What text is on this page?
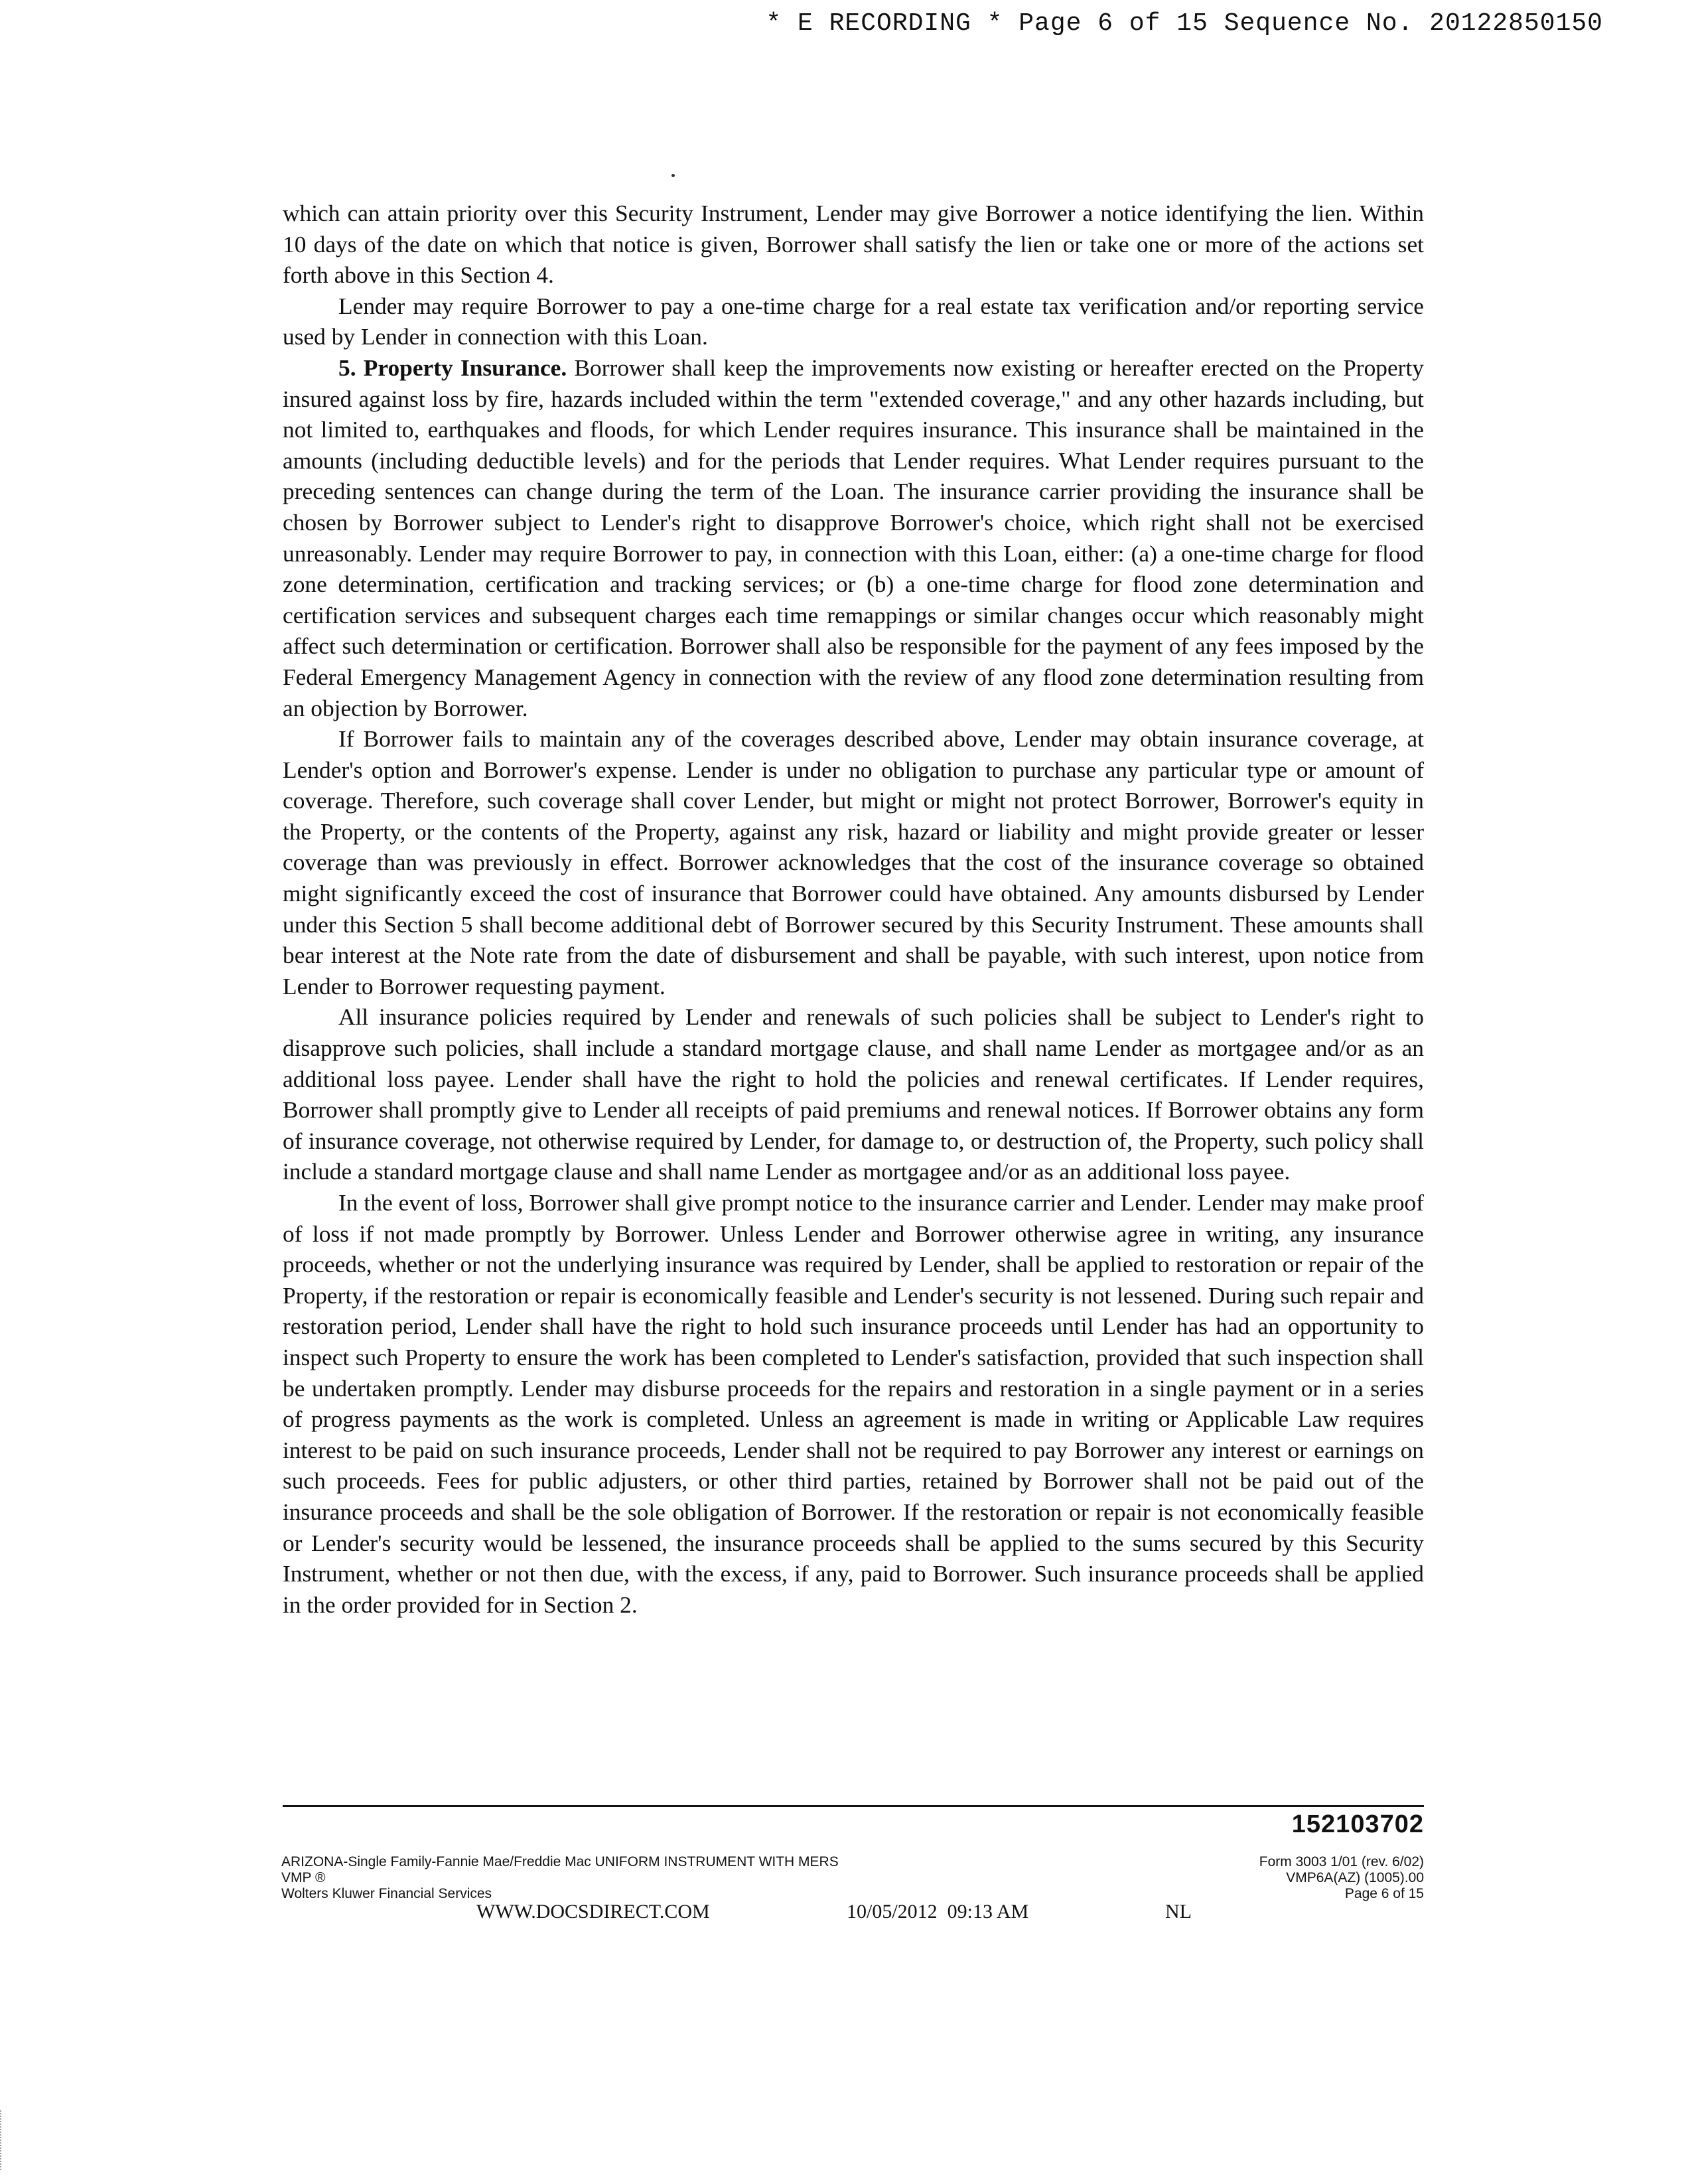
* E RECORDING * Page 6 of 15 Sequence No. 20122850150

which can attain priority over this Security Instrument, Lender may give Borrower a notice identifying the lien. Within 10 days of the date on which that notice is given, Borrower shall satisfy the lien or take one or more of the actions set forth above in this Section 4.

Lender may require Borrower to pay a one-time charge for a real estate tax verification and/or reporting service used by Lender in connection with this Loan.

5. Property Insurance. Borrower shall keep the improvements now existing or hereafter erected on the Property insured against loss by fire, hazards included within the term "extended coverage," and any other hazards including, but not limited to, earthquakes and floods, for which Lender requires insurance. This insurance shall be maintained in the amounts (including deductible levels) and for the periods that Lender requires. What Lender requires pursuant to the preceding sentences can change during the term of the Loan. The insurance carrier providing the insurance shall be chosen by Borrower subject to Lender's right to disapprove Borrower's choice, which right shall not be exercised unreasonably. Lender may require Borrower to pay, in connection with this Loan, either: (a) a one-time charge for flood zone determination, certification and tracking services; or (b) a one-time charge for flood zone determination and certification services and subsequent charges each time remappings or similar changes occur which reasonably might affect such determination or certification. Borrower shall also be responsible for the payment of any fees imposed by the Federal Emergency Management Agency in connection with the review of any flood zone determination resulting from an objection by Borrower.

If Borrower fails to maintain any of the coverages described above, Lender may obtain insurance coverage, at Lender's option and Borrower's expense. Lender is under no obligation to purchase any particular type or amount of coverage. Therefore, such coverage shall cover Lender, but might or might not protect Borrower, Borrower's equity in the Property, or the contents of the Property, against any risk, hazard or liability and might provide greater or lesser coverage than was previously in effect. Borrower acknowledges that the cost of the insurance coverage so obtained might significantly exceed the cost of insurance that Borrower could have obtained. Any amounts disbursed by Lender under this Section 5 shall become additional debt of Borrower secured by this Security Instrument. These amounts shall bear interest at the Note rate from the date of disbursement and shall be payable, with such interest, upon notice from Lender to Borrower requesting payment.

All insurance policies required by Lender and renewals of such policies shall be subject to Lender's right to disapprove such policies, shall include a standard mortgage clause, and shall name Lender as mortgagee and/or as an additional loss payee. Lender shall have the right to hold the policies and renewal certificates. If Lender requires, Borrower shall promptly give to Lender all receipts of paid premiums and renewal notices. If Borrower obtains any form of insurance coverage, not otherwise required by Lender, for damage to, or destruction of, the Property, such policy shall include a standard mortgage clause and shall name Lender as mortgagee and/or as an additional loss payee.

In the event of loss, Borrower shall give prompt notice to the insurance carrier and Lender. Lender may make proof of loss if not made promptly by Borrower. Unless Lender and Borrower otherwise agree in writing, any insurance proceeds, whether or not the underlying insurance was required by Lender, shall be applied to restoration or repair of the Property, if the restoration or repair is economically feasible and Lender's security is not lessened. During such repair and restoration period, Lender shall have the right to hold such insurance proceeds until Lender has had an opportunity to inspect such Property to ensure the work has been completed to Lender's satisfaction, provided that such inspection shall be undertaken promptly. Lender may disburse proceeds for the repairs and restoration in a single payment or in a series of progress payments as the work is completed. Unless an agreement is made in writing or Applicable Law requires interest to be paid on such insurance proceeds, Lender shall not be required to pay Borrower any interest or earnings on such proceeds. Fees for public adjusters, or other third parties, retained by Borrower shall not be paid out of the insurance proceeds and shall be the sole obligation of Borrower. If the restoration or repair is not economically feasible or Lender's security would be lessened, the insurance proceeds shall be applied to the sums secured by this Security Instrument, whether or not then due, with the excess, if any, paid to Borrower. Such insurance proceeds shall be applied in the order provided for in Section 2.

152103702
ARIZONA-Single Family-Fannie Mae/Freddie Mac UNIFORM INSTRUMENT WITH MERS
VMP ®
Wolters Kluwer Financial Services
Form 3003 1/01 (rev. 6/02)
VMP6A(AZ) (1005).00
Page 6 of 15
WWW.DOCSDIRECT.COM	10/05/2012  09:13 AM	NL
